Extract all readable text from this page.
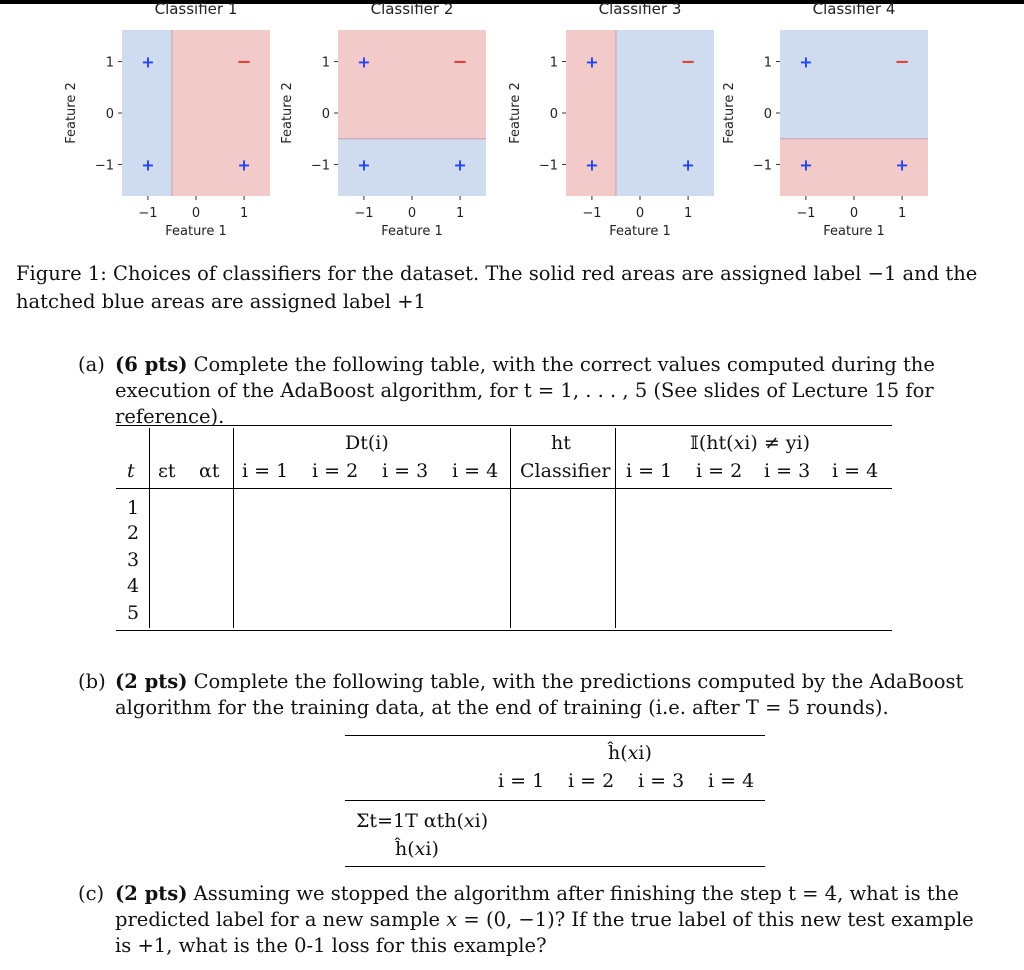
Classifier 1
−1	0	1
1
0
−1
Feature 1
Feature 2
+	−
+	+
Classifier 2
−1	0	1
1
0
−1
Feature 1
Feature 2
+	−
+	+
Classifier 3
−1	0	1
1
0
−1
Feature 1
Feature 2
+	−
+	+
Classifier 4
−1	0	1
1
0
−1
Feature 1
Feature 2
+	−
+	+
Figure 1: Choices of classifiers for the dataset. The solid red areas are assigned label −1 and the hatched blue areas are assigned label +1
(a) (6 pts) Complete the following table, with the correct values computed during the execution of the AdaBoost algorithm, for t = 1, . . . , 5 (See slides of Lecture 15 for reference).
Dt(i)	ht	𝕀(ht(𝑥i) ≠ yi)
t εt αt i = 1 i = 2 i = 3 i = 4 Classifier i = 1 i = 2 i = 3 i = 4
1
2
3
4
5
(b) (2 pts) Complete the following table, with the predictions computed by the AdaBoost algorithm for the training data, at the end of training (i.e. after T = 5 rounds).
ĥ(𝑥i)
i = 1 i = 2 i = 3 i = 4
Σt=1T αth(𝑥i)
ĥ(𝑥i)
(c) (2 pts) Assuming we stopped the algorithm after finishing the step t = 4, what is the predicted label for a new sample 𝑥 = (0, −1)? If the true label of this new test example is +1, what is the 0-1 loss for this example?
